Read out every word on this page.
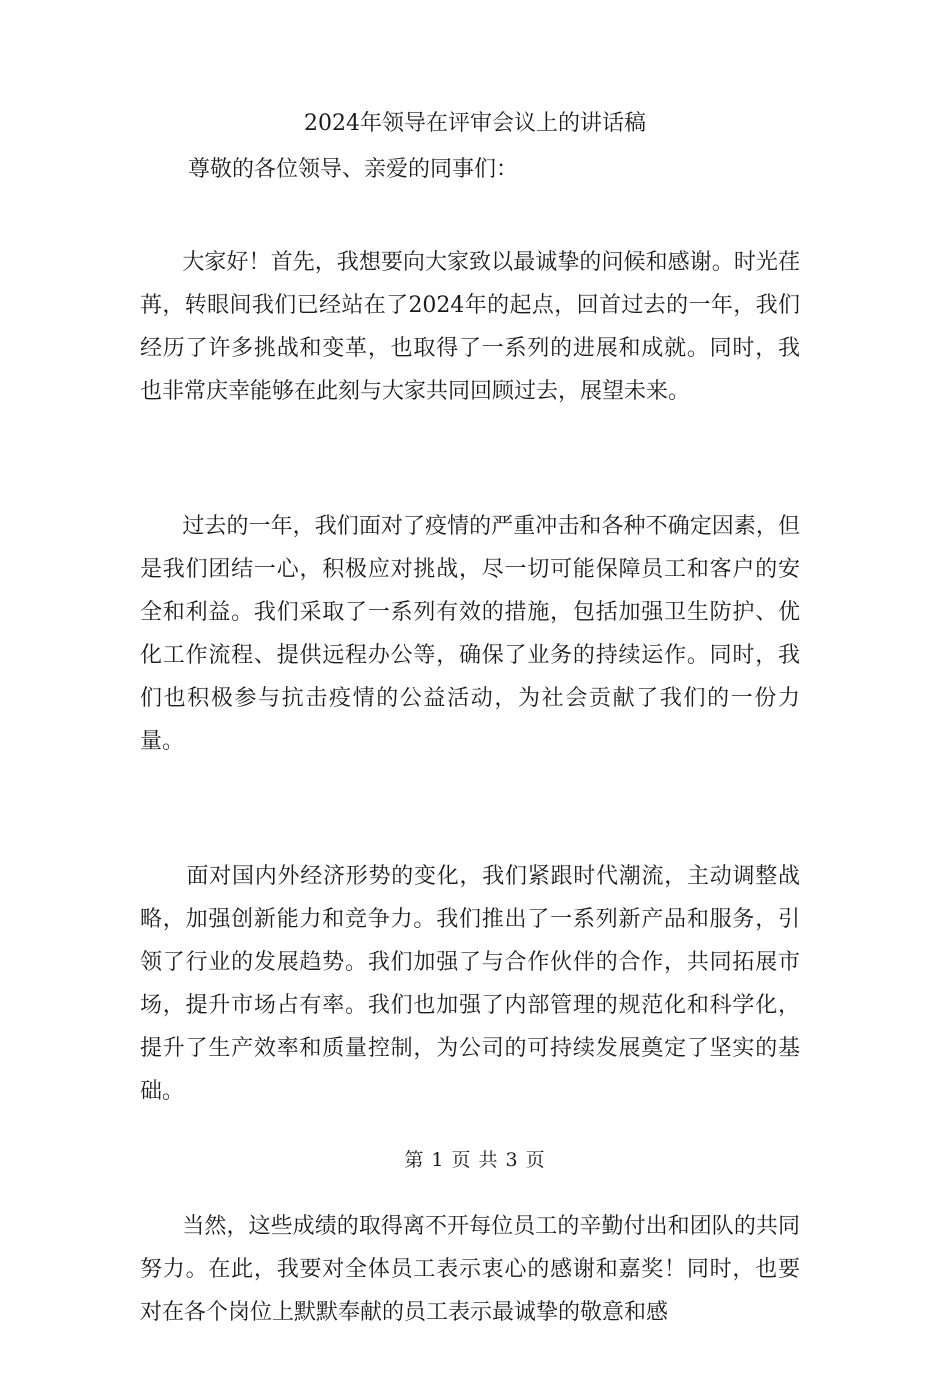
2024年领导在评审会议上的讲话稿

尊敬的各位领导、亲爱的同事们：

大家好！首先，我想要向大家致以最诚挚的问候和感谢。时光荏苒，转眼间我们已经站在了2024年的起点，回首过去的一年，我们经历了许多挑战和变革，也取得了一系列的进展和成就。同时，我也非常庆幸能够在此刻与大家共同回顾过去，展望未来。

过去的一年，我们面对了疫情的严重冲击和各种不确定因素，但是我们团结一心，积极应对挑战，尽一切可能保障员工和客户的安全和利益。我们采取了一系列有效的措施，包括加强卫生防护、优化工作流程、提供远程办公等，确保了业务的持续运作。同时，我们也积极参与抗击疫情的公益活动，为社会贡献了我们的一份力量。

面对国内外经济形势的变化，我们紧跟时代潮流，主动调整战略，加强创新能力和竞争力。我们推出了一系列新产品和服务，引领了行业的发展趋势。我们加强了与合作伙伴的合作，共同拓展市场，提升市场占有率。我们也加强了内部管理的规范化和科学化，提升了生产效率和质量控制，为公司的可持续发展奠定了坚实的基础。

当然，这些成绩的取得离不开每位员工的辛勤付出和团队的共同努力。在此，我要对全体员工表示衷心的感谢和嘉奖！同时，也要对在各个岗位上默默奉献的员工表示最诚挚的敬意和感

第 1 页 共 3 页
